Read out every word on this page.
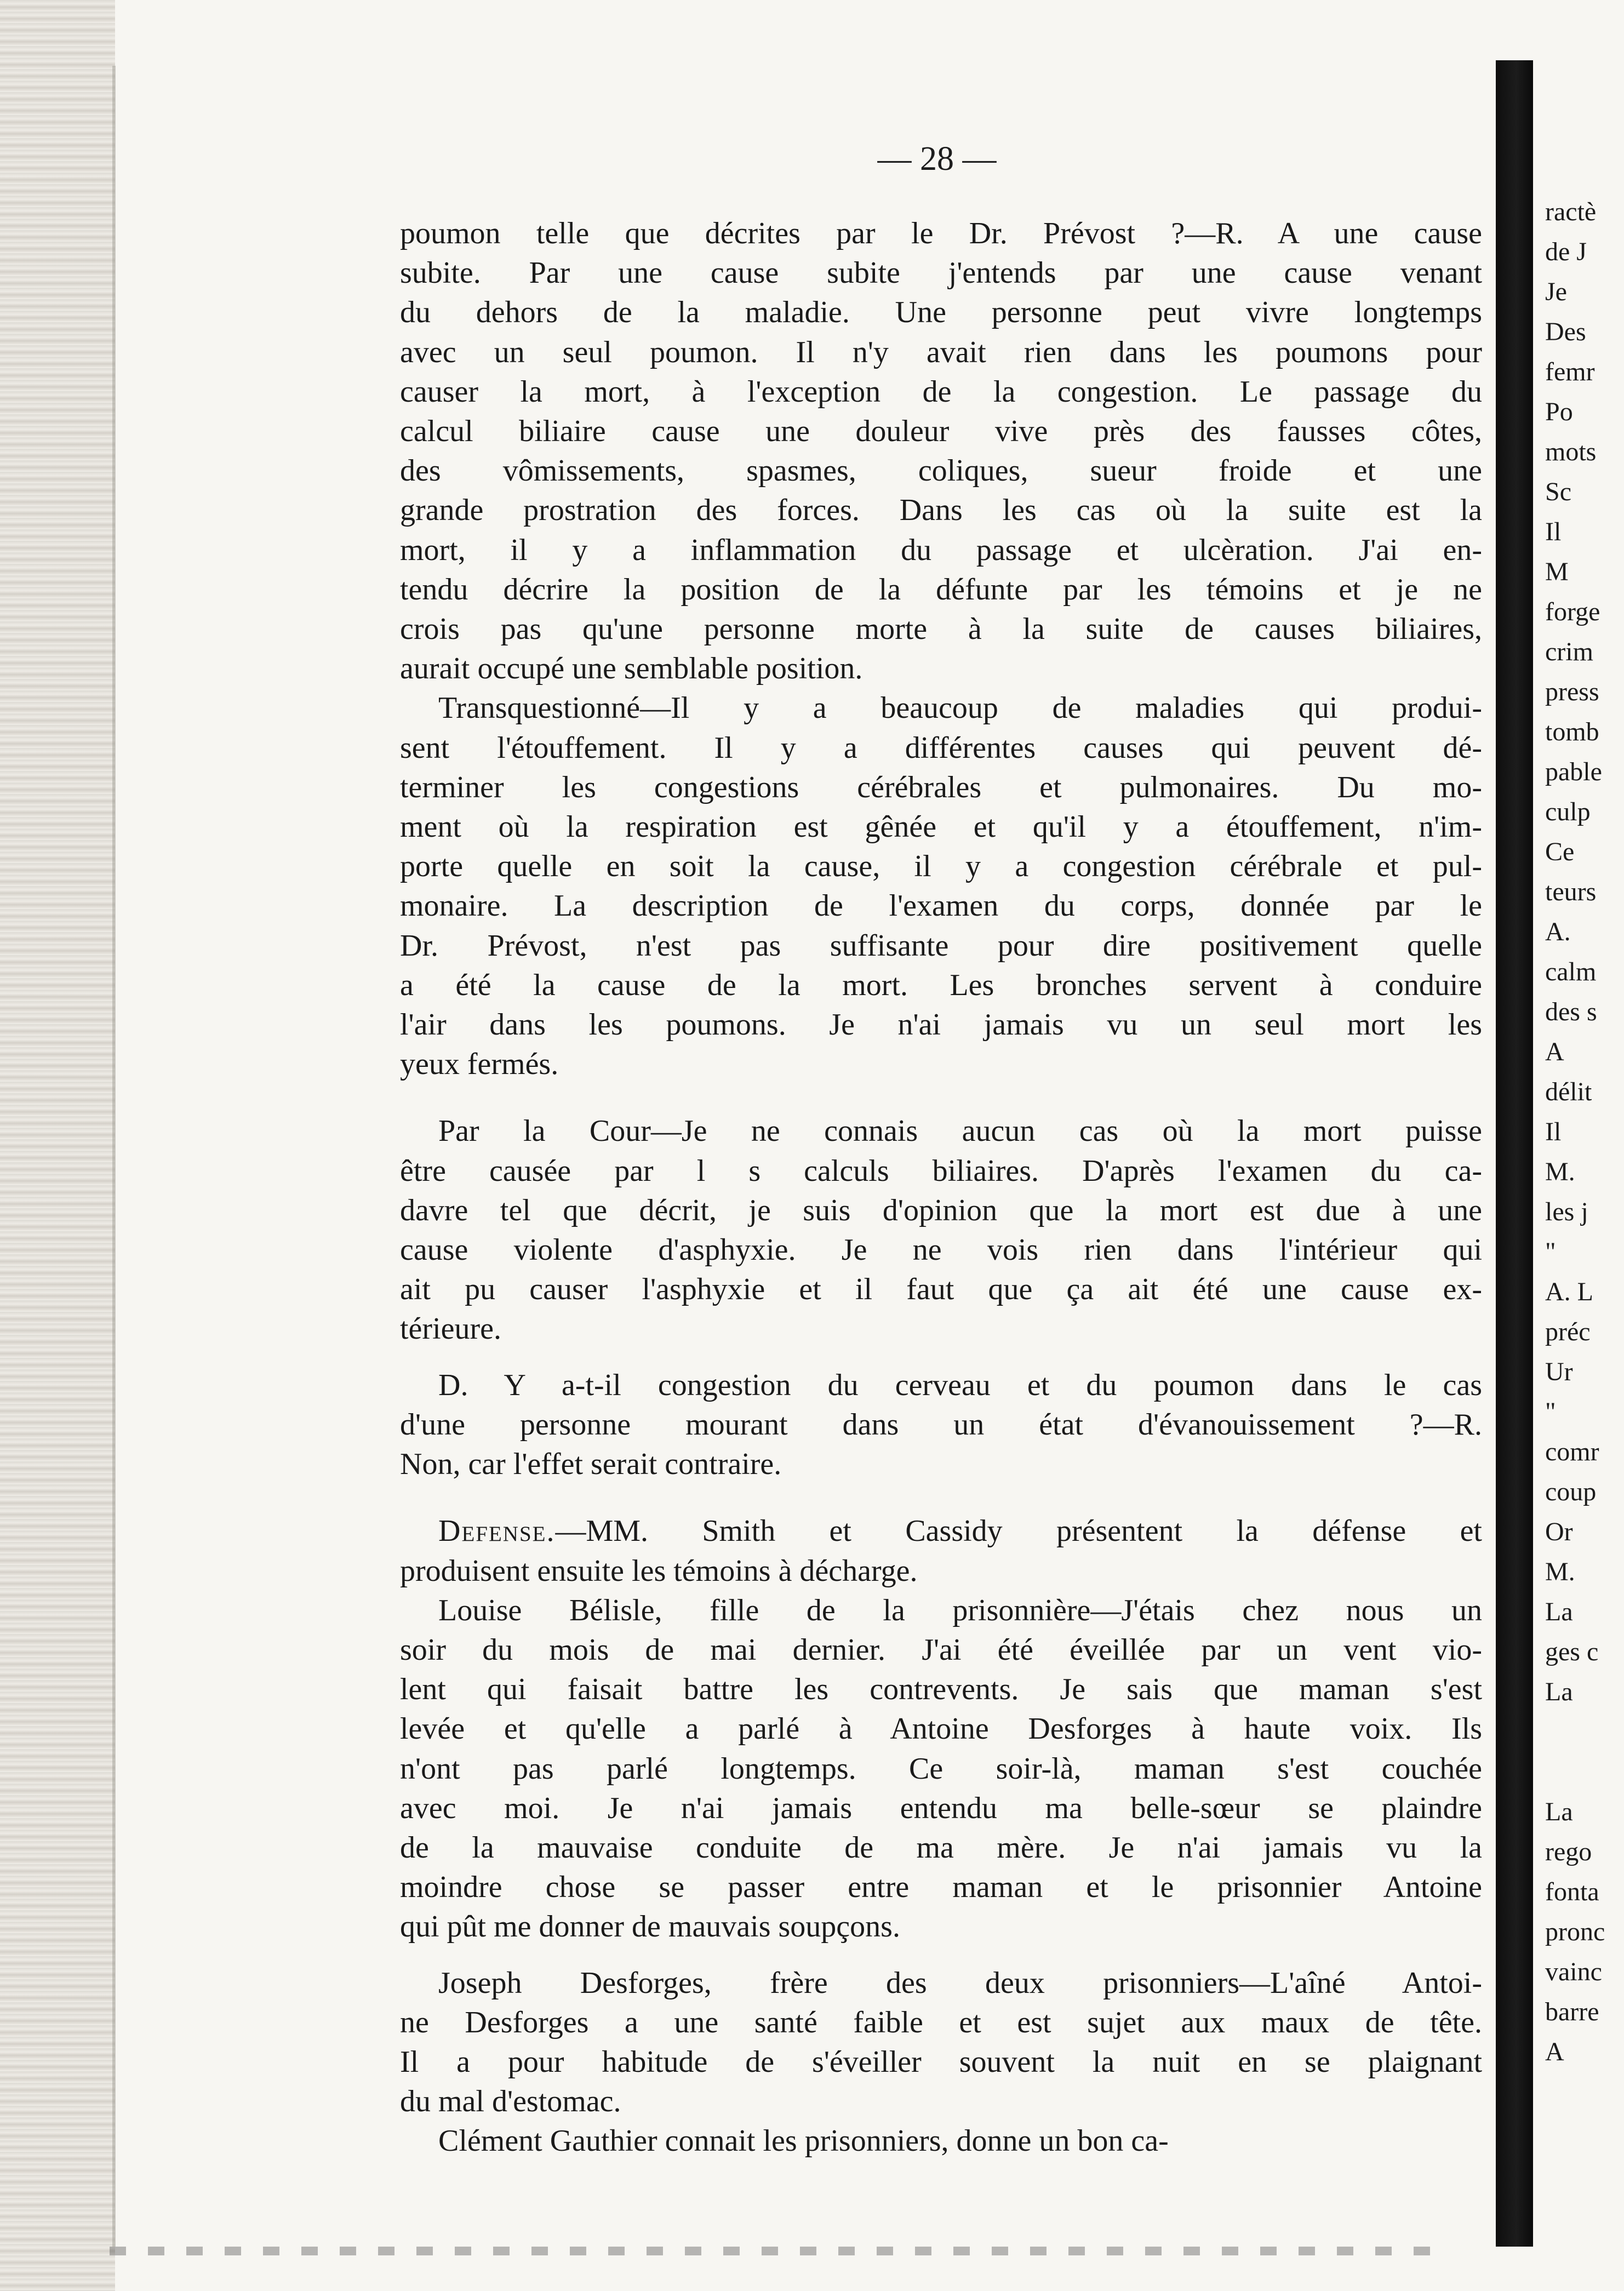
— 28 —
poumon telle que décrites par le Dr. Prévost ?—R. A une cause
subite. Par une cause subite j'entends par une cause venant
du dehors de la maladie. Une personne peut vivre longtemps
avec un seul poumon. Il n'y avait rien dans les poumons pour
causer la mort, à l'exception de la congestion. Le passage du
calcul biliaire cause une douleur vive près des fausses côtes,
des vômissements, spasmes, coliques, sueur froide et une
grande prostration des forces. Dans les cas où la suite est la
mort, il y a inflammation du passage et ulcèration. J'ai en-
tendu décrire la position de la défunte par les témoins et je ne
crois pas qu'une personne morte à la suite de causes biliaires,
aurait occupé une semblable position.
Transquestionné—Il y a beaucoup de maladies qui produi-
sent l'étouffement. Il y a différentes causes qui peuvent dé-
terminer les congestions cérébrales et pulmonaires. Du mo-
ment où la respiration est gênée et qu'il y a étouffement, n'im-
porte quelle en soit la cause, il y a congestion cérébrale et pul-
monaire. La description de l'examen du corps, donnée par le
Dr. Prévost, n'est pas suffisante pour dire positivement quelle
a été la cause de la mort. Les bronches servent à conduire
l'air dans les poumons. Je n'ai jamais vu un seul mort les
yeux fermés.
Par la Cour—Je ne connais aucun cas où la mort puisse
être causée par l s calculs biliaires. D'après l'examen du ca-
davre tel que décrit, je suis d'opinion que la mort est due à une
cause violente d'asphyxie. Je ne vois rien dans l'intérieur qui
ait pu causer l'asphyxie et il faut que ça ait été une cause ex-
térieure.
D. Y a-t-il congestion du cerveau et du poumon dans le cas
d'une personne mourant dans un état d'évanouissement ?—R.
Non, car l'effet serait contraire.
Defense.—MM. Smith et Cassidy présentent la défense et
produisent ensuite les témoins à décharge.
Louise Bélisle, fille de la prisonnière—J'étais chez nous un
soir du mois de mai dernier. J'ai été éveillée par un vent vio-
lent qui faisait battre les contrevents. Je sais que maman s'est
levée et qu'elle a parlé à Antoine Desforges à haute voix. Ils
n'ont pas parlé longtemps. Ce soir-là, maman s'est couchée
avec moi. Je n'ai jamais entendu ma belle-sœur se plaindre
de la mauvaise conduite de ma mère. Je n'ai jamais vu la
moindre chose se passer entre maman et le prisonnier Antoine
qui pût me donner de mauvais soupçons.
Joseph Desforges, frère des deux prisonniers—L'aîné Antoi-
ne Desforges a une santé faible et est sujet aux maux de tête.
Il a pour habitude de s'éveiller souvent la nuit en se plaignant
du mal d'estomac.
Clément Gauthier connait les prisonniers, donne un bon ca-
ractè
de J
Je
Des
femr
Po
mots
Sc
Il
M
forge
crim
press
tomb
pable
culp
Ce
teurs
A.
calm
des s
A
délit
Il
M.
les j
"
A. L
préc
Ur
"
comr
coup
Or
M.
La
ges c
La

La
rego
fonta
pronc
vainc
barre
A
